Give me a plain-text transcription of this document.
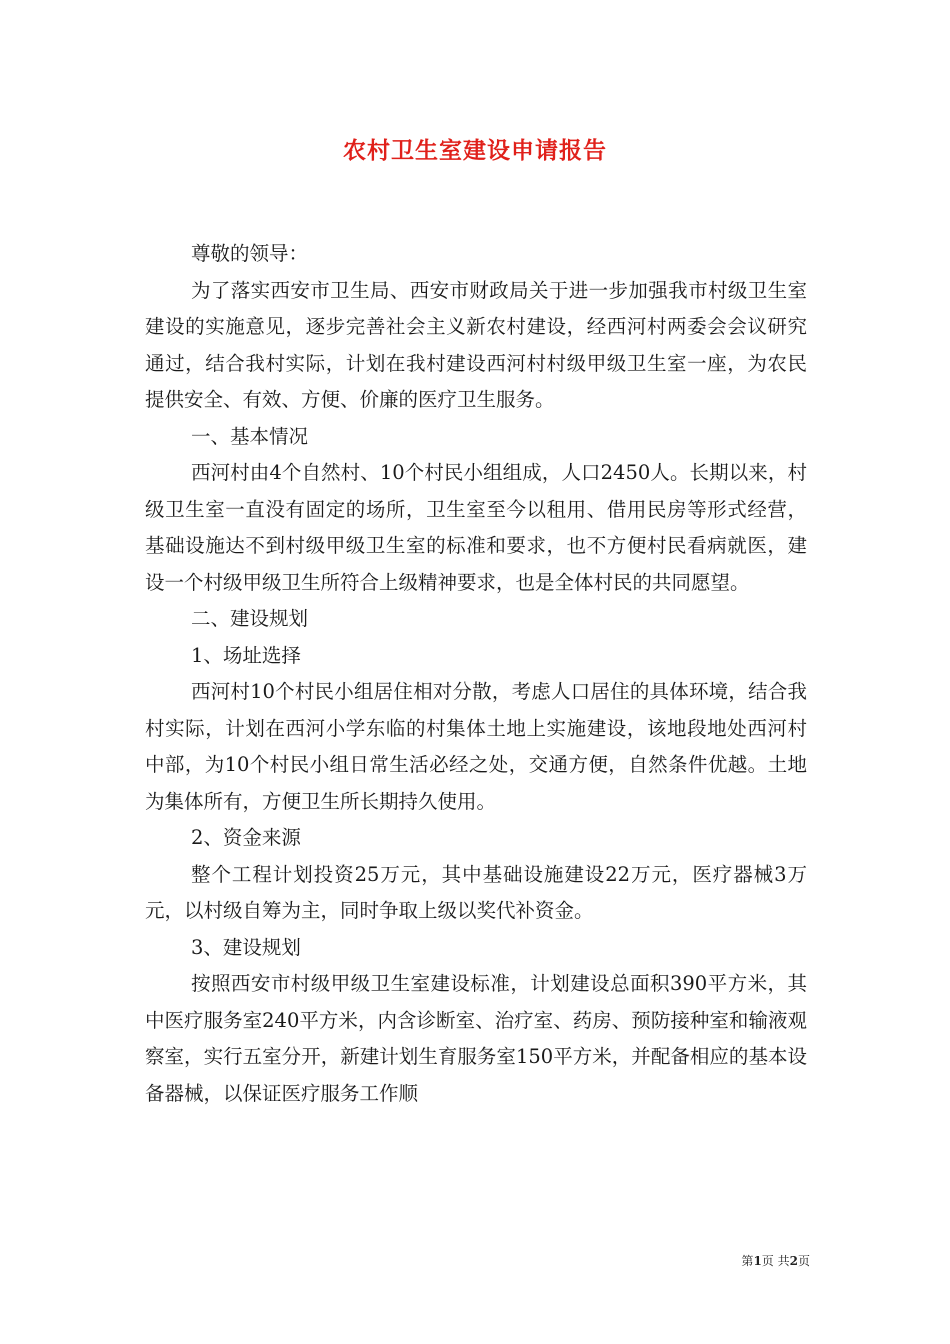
农村卫生室建设申请报告

尊敬的领导：

为了落实西安市卫生局、西安市财政局关于进一步加强我市村级卫生室建设的实施意见，逐步完善社会主义新农村建设，经西河村两委会会议研究通过，结合我村实际，计划在我村建设西河村村级甲级卫生室一座，为农民提供安全、有效、方便、价廉的医疗卫生服务。

一、基本情况

西河村由4个自然村、10个村民小组组成，人口2450人。长期以来，村级卫生室一直没有固定的场所，卫生室至今以租用、借用民房等形式经营，基础设施达不到村级甲级卫生室的标准和要求，也不方便村民看病就医，建设一个村级甲级卫生所符合上级精神要求，也是全体村民的共同愿望。

二、建设规划

1、场址选择

西河村10个村民小组居住相对分散，考虑人口居住的具体环境，结合我村实际，计划在西河小学东临的村集体土地上实施建设，该地段地处西河村中部，为10个村民小组日常生活必经之处，交通方便，自然条件优越。土地为集体所有，方便卫生所长期持久使用。

2、资金来源

整个工程计划投资25万元，其中基础设施建设22万元，医疗器械3万元，以村级自筹为主，同时争取上级以奖代补资金。

3、建设规划

按照西安市村级甲级卫生室建设标准，计划建设总面积390平方米，其中医疗服务室240平方米，内含诊断室、治疗室、药房、预防接种室和输液观察室，实行五室分开，新建计划生育服务室150平方米，并配备相应的基本设备器械，以保证医疗服务工作顺

第1页 共2页
